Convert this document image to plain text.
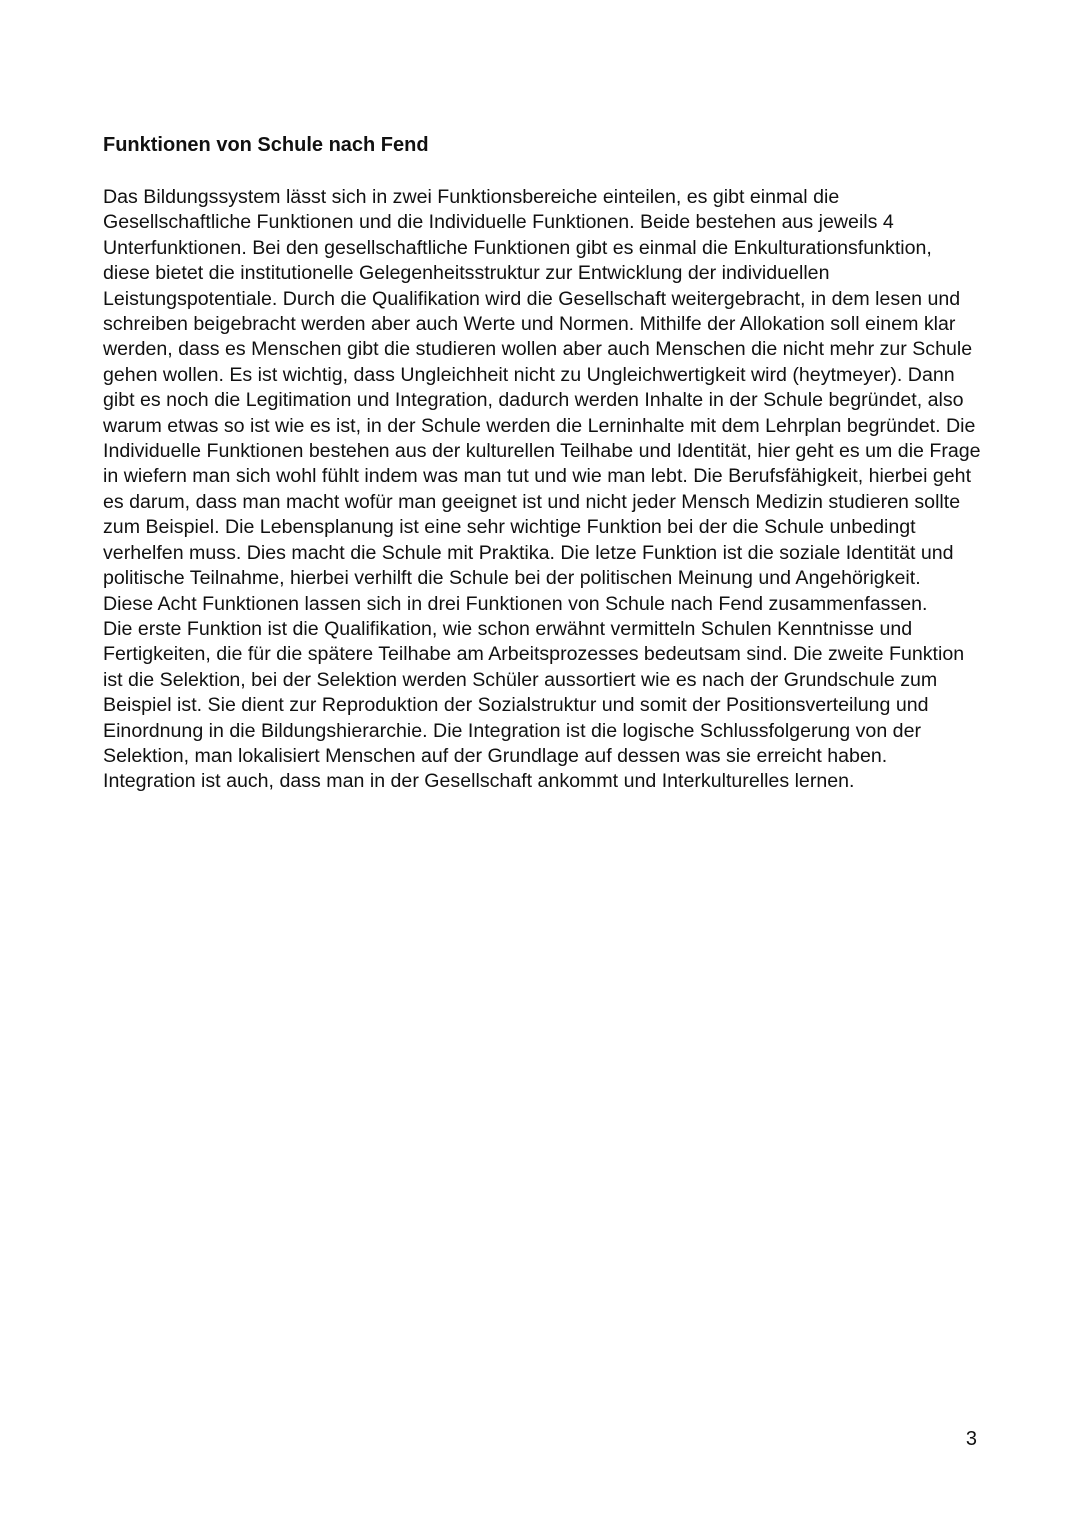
Funktionen von Schule nach Fend

Das Bildungssystem lässt sich in zwei Funktionsbereiche einteilen, es gibt einmal die Gesellschaftliche Funktionen und die Individuelle Funktionen. Beide bestehen aus jeweils 4 Unterfunktionen. Bei den gesellschaftliche Funktionen gibt es einmal die Enkulturationsfunktion, diese bietet die institutionelle Gelegenheitsstruktur zur Entwicklung der individuellen Leistungspotentiale. Durch die Qualifikation wird die Gesellschaft weitergebracht, in dem lesen und schreiben beigebracht werden aber auch Werte und Normen. Mithilfe der Allokation soll einem klar werden, dass es Menschen gibt die studieren wollen aber auch Menschen die nicht mehr zur Schule gehen wollen. Es ist wichtig, dass Ungleichheit nicht zu Ungleichwertigkeit wird (heytmeyer). Dann gibt es noch die Legitimation und Integration, dadurch werden Inhalte in der Schule begründet, also warum etwas so ist wie es ist, in der Schule werden die Lerninhalte mit dem Lehrplan begründet. Die Individuelle Funktionen bestehen aus der kulturellen Teilhabe und Identität, hier geht es um die Frage in wiefern man sich wohl fühlt indem was man tut und wie man lebt. Die Berufsfähigkeit, hierbei geht es darum, dass man macht wofür man geeignet ist und nicht jeder Mensch Medizin studieren sollte zum Beispiel. Die Lebensplanung ist eine sehr wichtige Funktion bei der die Schule unbedingt verhelfen muss. Dies macht die Schule mit Praktika. Die letze Funktion ist die soziale Identität und politische Teilnahme, hierbei verhilft die Schule bei der politischen Meinung und Angehörigkeit.

Diese Acht Funktionen lassen sich in drei Funktionen von Schule nach Fend zusammenfassen.

Die erste Funktion ist die Qualifikation, wie schon erwähnt vermitteln Schulen Kenntnisse und Fertigkeiten, die für die spätere Teilhabe am Arbeitsprozesses bedeutsam sind. Die zweite Funktion ist die Selektion, bei der Selektion werden Schüler aussortiert wie es nach der Grundschule zum Beispiel ist. Sie dient zur Reproduktion der Sozialstruktur und somit der Positionsverteilung und Einordnung in die Bildungshierarchie. Die Integration ist die logische Schlussfolgerung von der Selektion, man lokalisiert Menschen auf der Grundlage auf dessen was sie erreicht haben. Integration ist auch, dass man in der Gesellschaft ankommt und Interkulturelles lernen.

3
